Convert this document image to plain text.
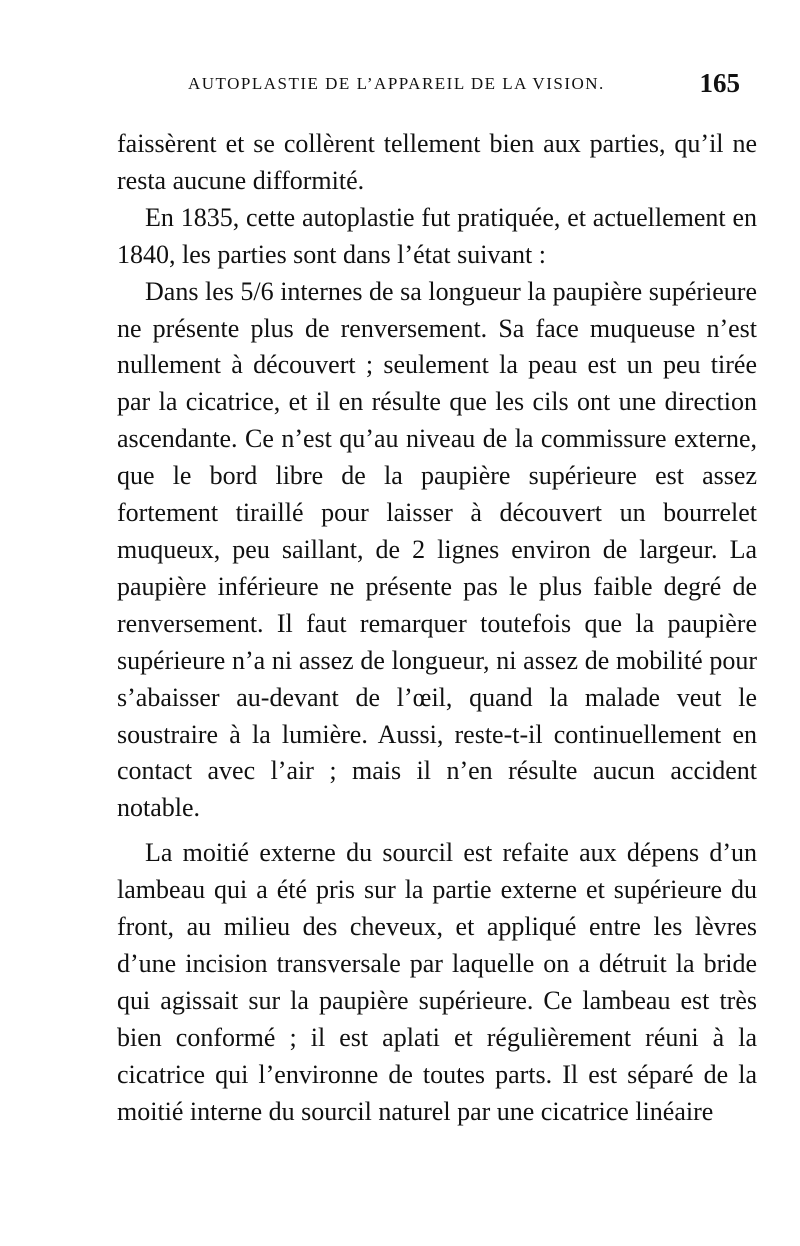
AUTOPLASTIE DE L’APPAREIL DE LA VISION.	165

faissèrent et se collèrent tellement bien aux parties, qu’il ne resta aucune difformité.

En 1835, cette autoplastie fut pratiquée, et actuellement en 1840, les parties sont dans l’état suivant :

Dans les 5/6 internes de sa longueur la paupière supérieure ne présente plus de renversement. Sa face muqueuse n’est nullement à découvert ; seulement la peau est un peu tirée par la cicatrice, et il en résulte que les cils ont une direction ascendante. Ce n’est qu’au niveau de la commissure externe, que le bord libre de la paupière supérieure est assez fortement tiraillé pour laisser à découvert un bourrelet muqueux, peu saillant, de 2 lignes environ de largeur. La paupière inférieure ne présente pas le plus faible degré de renversement. Il faut remarquer toutefois que la paupière supérieure n’a ni assez de longueur, ni assez de mobilité pour s’abaisser au-devant de l’œil, quand la malade veut le soustraire à la lumière. Aussi, reste-t-il continuellement en contact avec l’air ; mais il n’en résulte aucun accident notable.

La moitié externe du sourcil est refaite aux dépens d’un lambeau qui a été pris sur la partie externe et supérieure du front, au milieu des cheveux, et appliqué entre les lèvres d’une incision transversale par laquelle on a détruit la bride qui agissait sur la paupière supérieure. Ce lambeau est très bien conformé ; il est aplati et régulièrement réuni à la cicatrice qui l’environne de toutes parts. Il est séparé de la moitié interne du sourcil naturel par une cicatrice linéaire
